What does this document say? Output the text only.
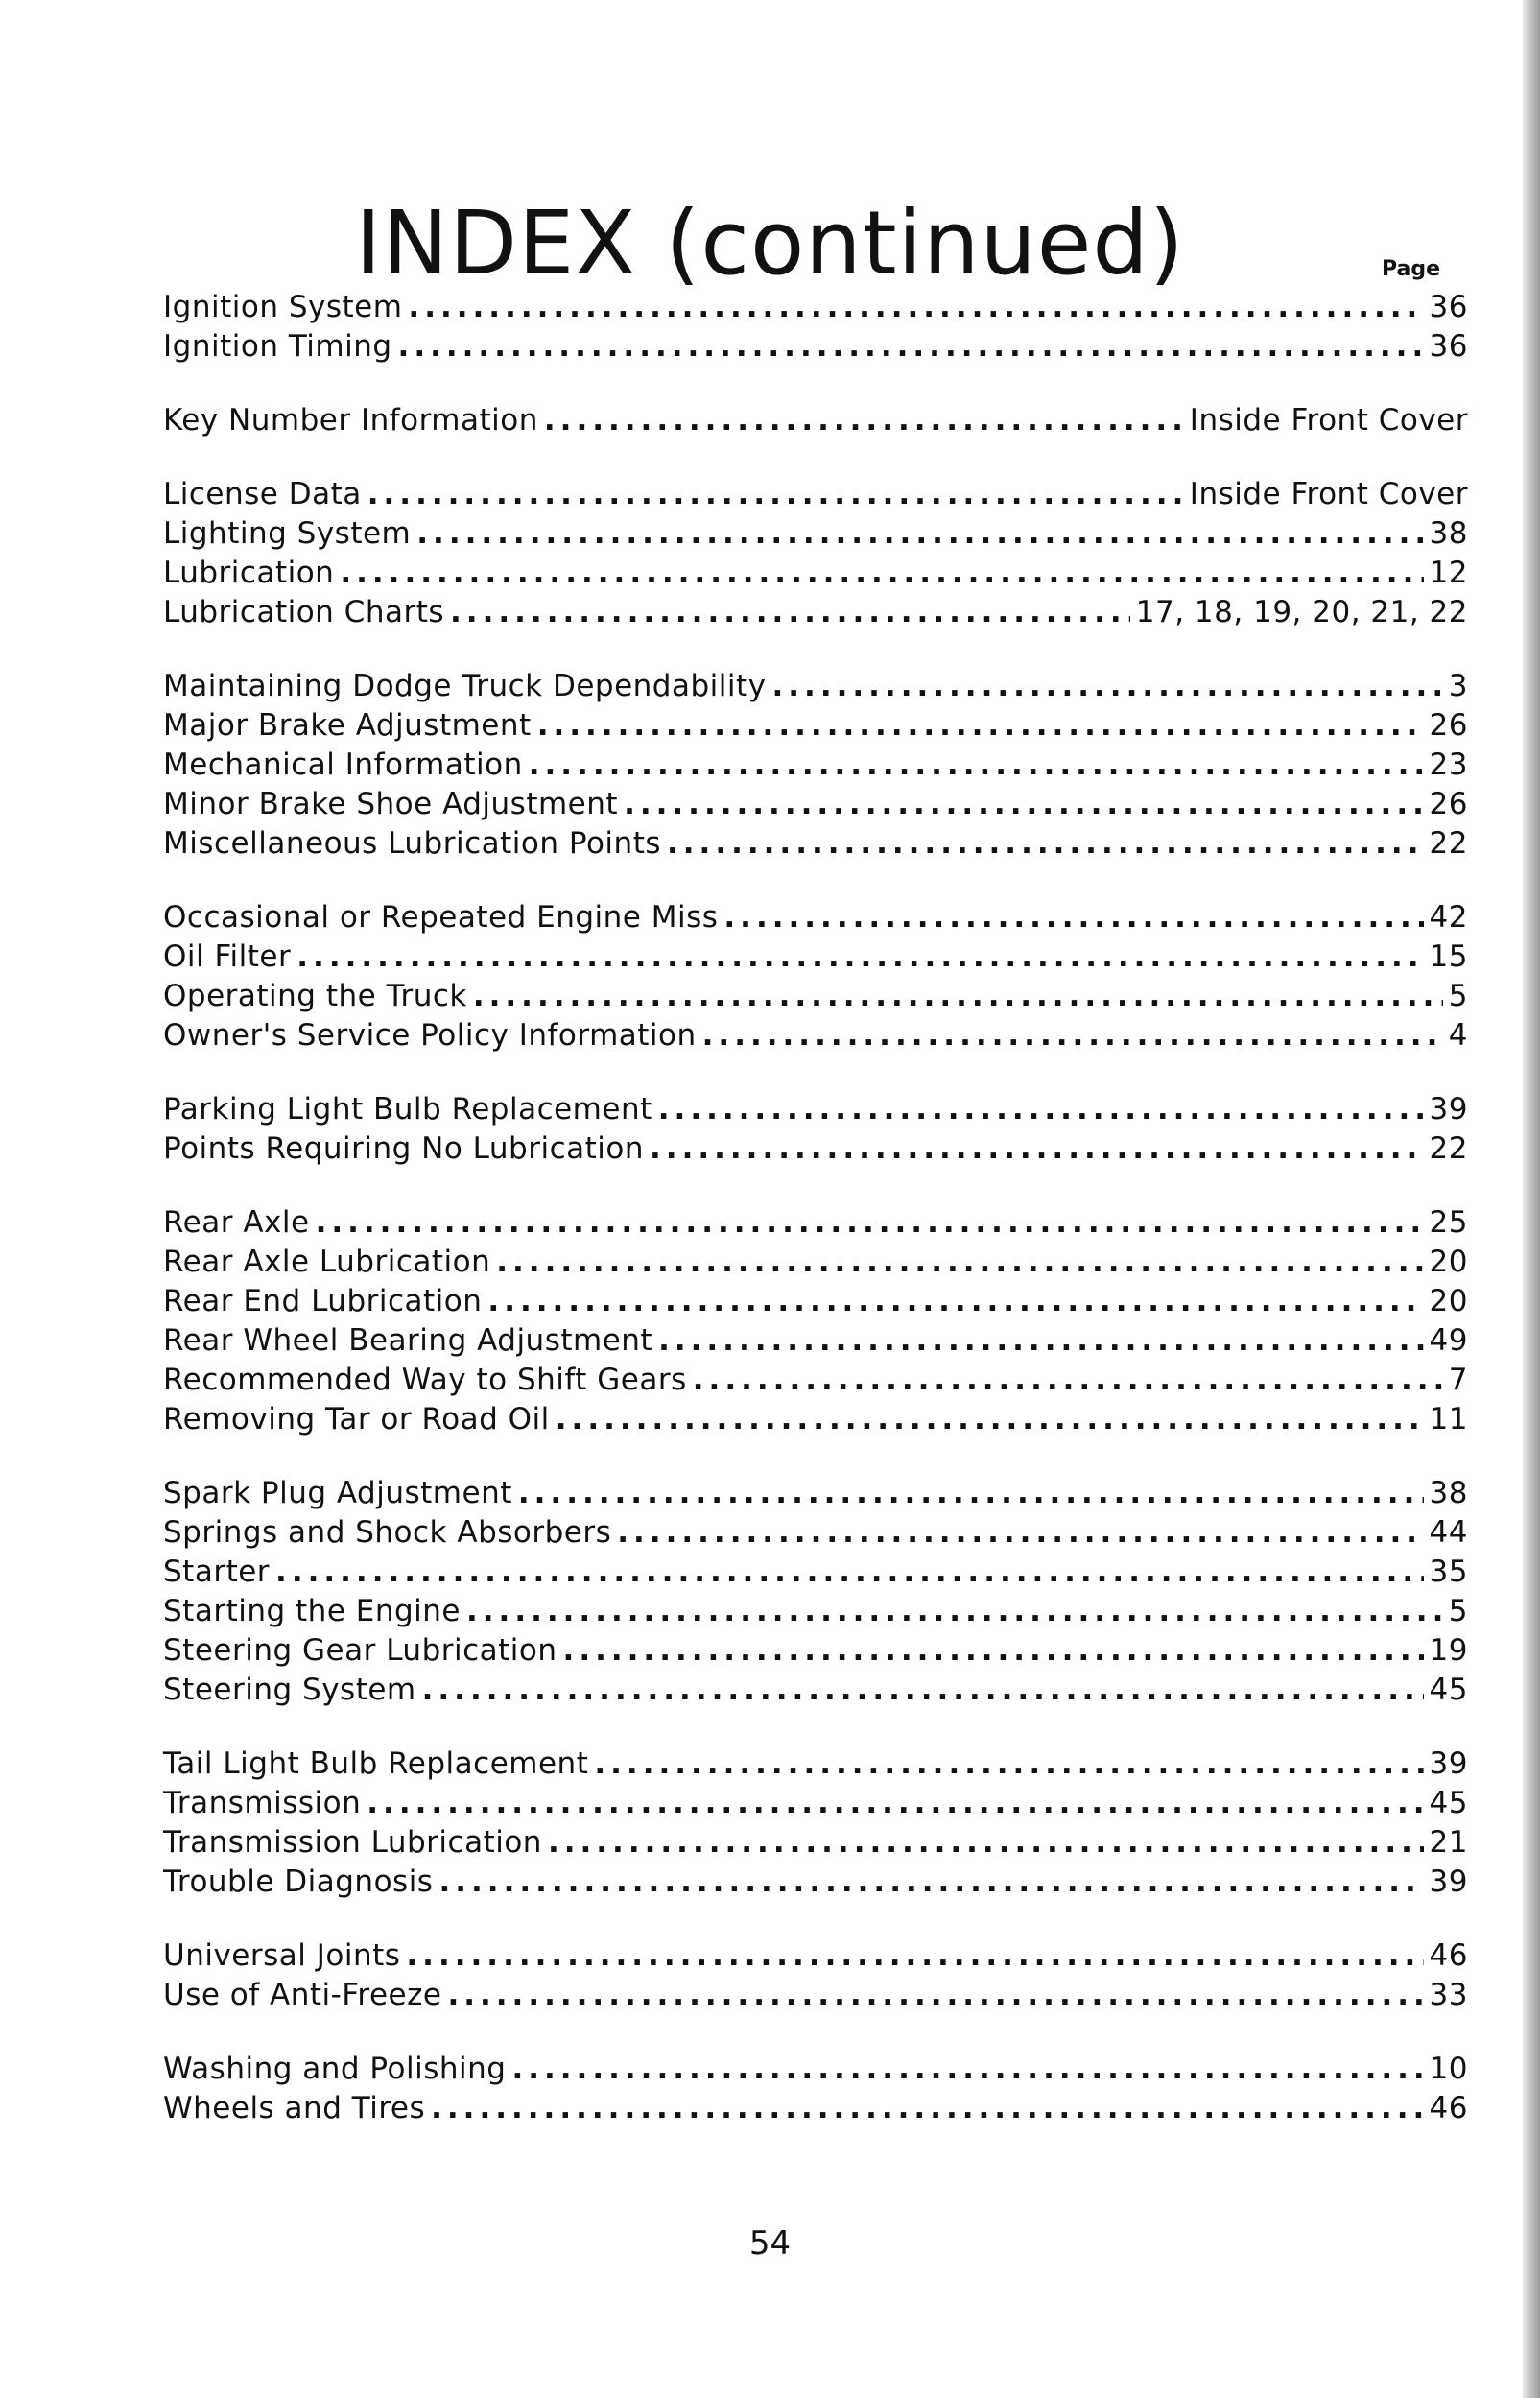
INDEX (continued)	Page
Ignition System .....	36
Ignition Timing .....	36
Key Number Information .....	Inside Front Cover
License Data .....	Inside Front Cover
Lighting System .....	38
Lubrication .....	12
Lubrication Charts .....	17, 18, 19, 20, 21, 22
Maintaining Dodge Truck Dependability .....	3
Major Brake Adjustment .....	26
Mechanical Information .....	23
Minor Brake Shoe Adjustment .....	26
Miscellaneous Lubrication Points .....	22
Occasional or Repeated Engine Miss .....	42
Oil Filter .....	15
Operating the Truck .....	5
Owner's Service Policy Information .....	4
Parking Light Bulb Replacement .....	39
Points Requiring No Lubrication .....	22
Rear Axle .....	25
Rear Axle Lubrication .....	20
Rear End Lubrication .....	20
Rear Wheel Bearing Adjustment .....	49
Recommended Way to Shift Gears .....	7
Removing Tar or Road Oil .....	11
Spark Plug Adjustment .....	38
Springs and Shock Absorbers .....	44
Starter .....	35
Starting the Engine .....	5
Steering Gear Lubrication .....	19
Steering System .....	45
Tail Light Bulb Replacement .....	39
Transmission .....	45
Transmission Lubrication .....	21
Trouble Diagnosis .....	39
Universal Joints .....	46
Use of Anti-Freeze .....	33
Washing and Polishing .....	10
Wheels and Tires .....	46
54
